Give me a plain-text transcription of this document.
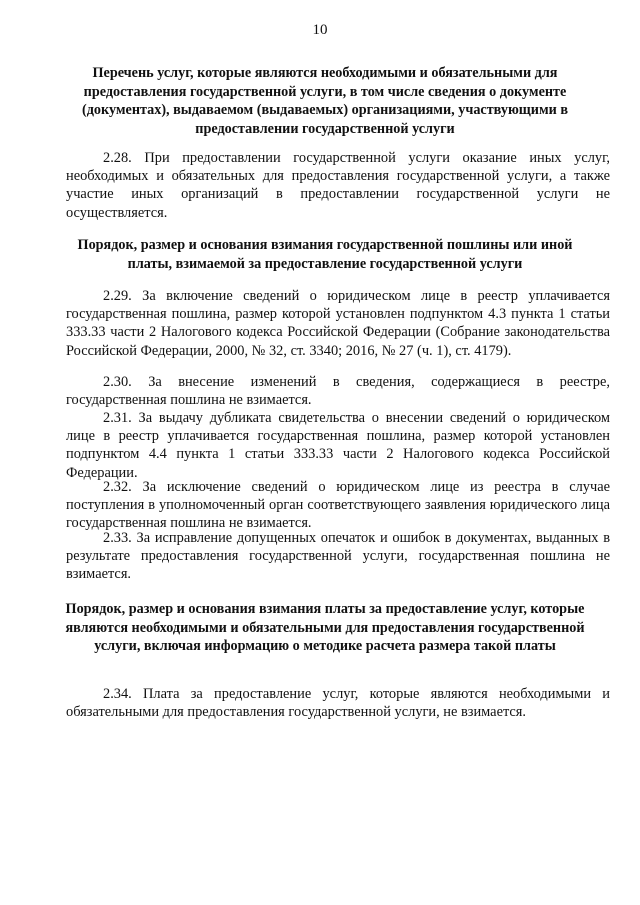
10
Перечень услуг, которые являются необходимыми и обязательными для предоставления государственной услуги, в том числе сведения о документе (документах), выдаваемом (выдаваемых) организациями, участвующими в предоставлении государственной услуги
2.28. При предоставлении государственной услуги оказание иных услуг, необходимых и обязательных для предоставления государственной услуги, а также участие иных организаций в предоставлении государственной услуги не осуществляется.
Порядок, размер и основания взимания государственной пошлины или иной платы, взимаемой за предоставление государственной услуги
2.29. За включение сведений о юридическом лице в реестр уплачивается государственная пошлина, размер которой установлен подпунктом 4.3 пункта 1 статьи 333.33 части 2 Налогового кодекса Российской Федерации (Собрание законодательства Российской Федерации, 2000, № 32, ст. 3340; 2016, № 27 (ч. 1), ст. 4179).
2.30. За внесение изменений в сведения, содержащиеся в реестре, государственная пошлина не взимается.
2.31. За выдачу дубликата свидетельства о внесении сведений о юридическом лице в реестр уплачивается государственная пошлина, размер которой установлен подпунктом 4.4 пункта 1 статьи 333.33 части 2 Налогового кодекса Российской Федерации.
2.32. За исключение сведений о юридическом лице из реестра в случае поступления в уполномоченный орган соответствующего заявления юридического лица государственная пошлина не взимается.
2.33. За исправление допущенных опечаток и ошибок в документах, выданных в результате предоставления государственной услуги, государственная пошлина не взимается.
Порядок, размер и основания взимания платы за предоставление услуг, которые являются необходимыми и обязательными для предоставления государственной услуги, включая информацию о методике расчета размера такой платы
2.34. Плата за предоставление услуг, которые являются необходимыми и обязательными для предоставления государственной услуги, не взимается.
